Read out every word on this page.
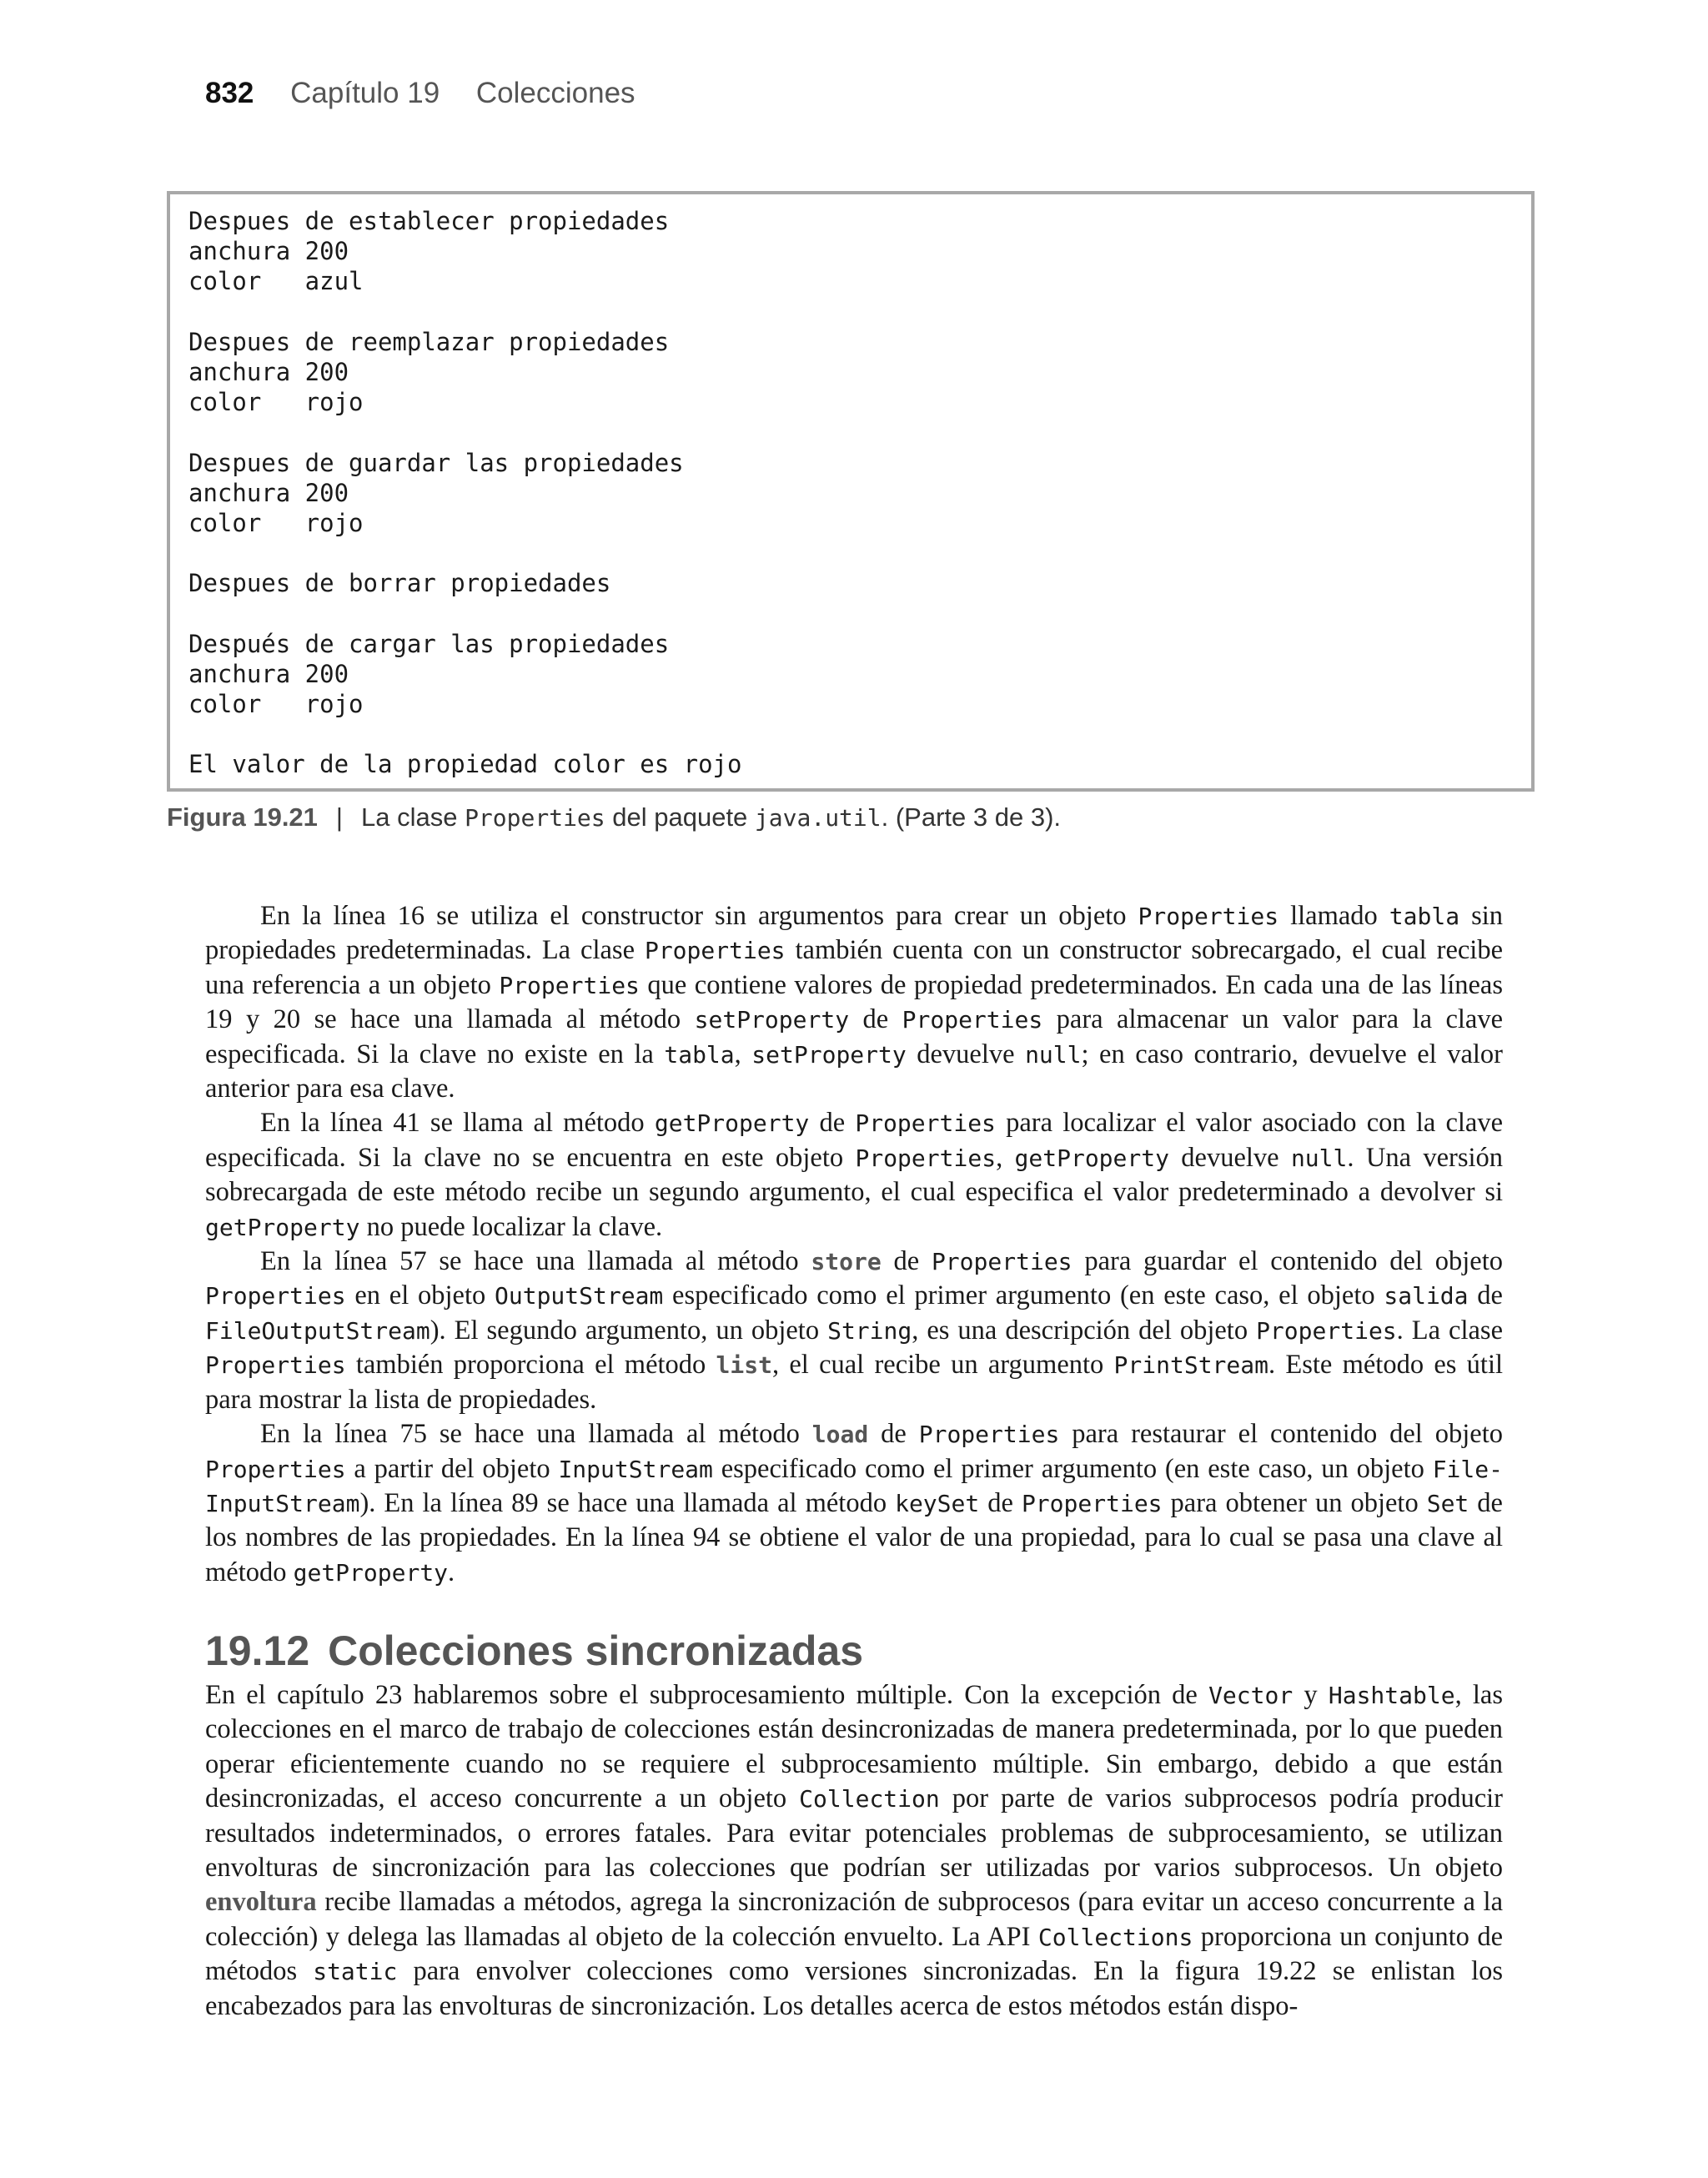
832 Capítulo 19 Colecciones
Despues de establecer propiedades
anchura 200
color   azul
Despues de reemplazar propiedades
anchura 200
color   rojo
Despues de guardar las propiedades
anchura 200
color   rojo
Despues de borrar propiedades
Después de cargar las propiedades
anchura 200
color   rojo
El valor de la propiedad color es rojo
Figura 19.21 | La clase Properties del paquete java.util. (Parte 3 de 3).

En la línea 16 se utiliza el constructor sin argumentos para crear un objeto Properties llamado tabla sin propiedades predeterminadas. La clase Properties también cuenta con un constructor sobrecargado, el cual recibe una referencia a un objeto Properties que contiene valores de propiedad predeterminados. En cada una de las líneas 19 y 20 se hace una llamada al método setProperty de Properties para almacenar un valor para la clave especificada. Si la clave no existe en la tabla, setProperty devuelve null; en caso contrario, devuelve el valor anterior para esa clave.

En la línea 41 se llama al método getProperty de Properties para localizar el valor asociado con la clave especificada. Si la clave no se encuentra en este objeto Properties, getProperty devuelve null. Una versión sobrecargada de este método recibe un segundo argumento, el cual especifica el valor predeterminado a devolver si getProperty no puede localizar la clave.

En la línea 57 se hace una llamada al método store de Properties para guardar el contenido del objeto Properties en el objeto OutputStream especificado como el primer argumento (en este caso, el objeto salida de FileOutputStream). El segundo argumento, un objeto String, es una descripción del objeto Properties. La clase Properties también proporciona el método list, el cual recibe un argumento PrintStream. Este método es útil para mostrar la lista de propiedades.

En la línea 75 se hace una llamada al método load de Properties para restaurar el contenido del objeto Properties a partir del objeto InputStream especificado como el primer argumento (en este caso, un objeto File-InputStream). En la línea 89 se hace una llamada al método keySet de Properties para obtener un objeto Set de los nombres de las propiedades. En la línea 94 se obtiene el valor de una propiedad, para lo cual se pasa una clave al método getProperty.

19.12 Colecciones sincronizadas

En el capítulo 23 hablaremos sobre el subprocesamiento múltiple. Con la excepción de Vector y Hashtable, las colecciones en el marco de trabajo de colecciones están desincronizadas de manera predeterminada, por lo que pueden operar eficientemente cuando no se requiere el subprocesamiento múltiple. Sin embargo, debido a que están desincronizadas, el acceso concurrente a un objeto Collection por parte de varios subprocesos podría producir resultados indeterminados, o errores fatales. Para evitar potenciales problemas de subprocesamiento, se utilizan envolturas de sincronización para las colecciones que podrían ser utilizadas por varios subprocesos. Un objeto envoltura recibe llamadas a métodos, agrega la sincronización de subprocesos (para evitar un acceso concurrente a la colección) y delega las llamadas al objeto de la colección envuelto. La API Collections proporciona un conjunto de métodos static para envolver colecciones como versiones sincronizadas. En la figura 19.22 se enlistan los encabezados para las envolturas de sincronización. Los detalles acerca de estos métodos están dispo-
